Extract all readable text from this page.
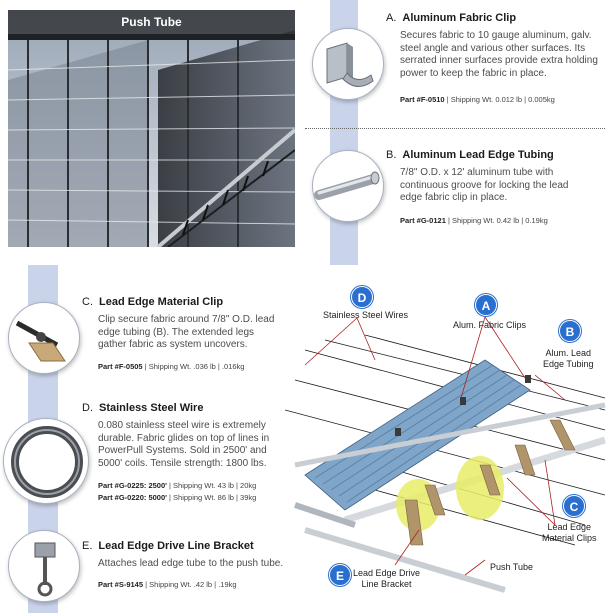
Push Tube	A. Aluminum Fabric Clip
Secures fabric to 10 gauge aluminum, galv. steel angle and various other surfaces. Its serrated inner surfaces provide extra holding power to keep the fabric in place.
Part #F-0510 | Shipping Wt. 0.012 lb | 0.005kg
B. Aluminum Lead Edge Tubing
7/8" O.D. x 12' aluminum tube with continuous groove for locking the lead edge fabric clip in place.
Part #G-0121 | Shipping Wt. 0.42 lb | 0.19kg
C. Lead Edge Material Clip
Clip secure fabric around 7/8" O.D. lead edge tubing (B). The extended legs gather fabric as system uncovers.
Part #F-0505 | Shipping Wt. .036 lb | .016kg
D. Stainless Steel Wire
0.080 stainless steel wire is extremely durable. Fabric glides on top of lines in PowerPull Systems. Sold in 2500' and 5000' coils. Tensile strength: 1800 lbs.
Part #G-0225: 2500' | Shipping Wt. 43 lb | 20kg
Part #G-0220: 5000' | Shipping Wt. 86 lb | 39kg
E. Lead Edge Drive Line Bracket
Attaches lead edge tube to the push tube.
Part #S-9145 | Shipping Wt. .42 lb | .19kg
D
A
B
C
E
Stainless Steel Wires
Alum. Fabric Clips
Alum. Lead
Edge Tubing
Lead Edge
Material Clips
Push Tube
Lead Edge Drive
Line Bracket
